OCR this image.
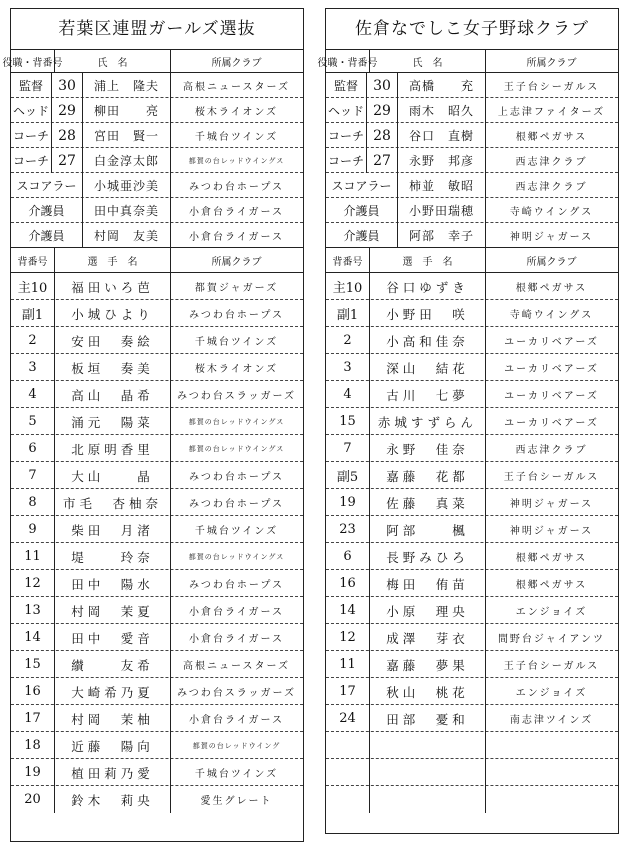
若葉区連盟ガールズ選抜
役職・背番号	氏　名	所属クラブ
監督	30	浦上　隆夫	高根ニュースターズ
ヘッド 29	柳田　　亮	桜木ライオンズ
コーチ 28	宮田　賢一	千城台ツインズ
コーチ 27	白金淳太郎	都賀の台レッドウイングス
スコアラー	小城亜沙美	みつわ台ホープス
介護員	田中真奈美	小倉台ライガース
介護員	村岡　友美	小倉台ライガース
背番号	選　手　名	所属クラブ
主10	福田いろ芭	都賀ジャガーズ
副1	小城ひより	みつわ台ホープス
2	安田　奏絵	千城台ツインズ
3	板垣　奏美	桜木ライオンズ
4	高山　晶希	みつわ台スラッガーズ
5	涌元　陽菜	都賀の台レッドウイングス
6	北原明香里	都賀の台レッドウイングス
7	大山　　晶	みつわ台ホープス
8	市毛　杏柚奈	みつわ台ホープス
9	柴田　月渚	千城台ツインズ
11	堤　　玲奈	都賀の台レッドウイングス
12	田中　陽水	みつわ台ホープス
13	村岡　茉夏	小倉台ライガース
14	田中　愛音	小倉台ライガース
15	纉　　友希	高根ニュースターズ
16	大崎希乃夏	みつわ台スラッガーズ
17	村岡　茉柚	小倉台ライガース
18	近藤　陽向	都賀の台レッドウイング
19	植田莉乃愛	千城台ツインズ
20	鈴木　莉央	愛生グレート
佐倉なでしこ女子野球クラブ
役職・背番号	氏　名	所属クラブ
監督	30	高橋　　充	王子台シーガルス
ヘッド 29	雨木　昭久	上志津ファイターズ
コーチ 28	谷口　直樹	根郷ペガサス
コーチ 27	永野　邦彦	西志津クラブ
スコアラー	柿並　敏昭	西志津クラブ
介護員	小野田瑞穂	寺崎ウイングス
介護員	阿部　幸子	神明ジャガース
背番号	選　手　名	所属クラブ
主10	谷口ゆずき	根郷ペガサス
副1	小野田　咲	寺崎ウイングス
2	小高和佳奈	ユーカリベアーズ
3	深山　結花	ユーカリベアーズ
4	古川　七夢	ユーカリベアーズ
15	赤城すずらん	ユーカリベアーズ
7	永野　佳奈	西志津クラブ
副5	嘉藤　花都	王子台シーガルス
19	佐藤　真菜	神明ジャガース
23	阿部　　楓	神明ジャガース
6	長野みひろ	根郷ペガサス
16	梅田　侑苗	根郷ペガサス
14	小原　理央	エンジョイズ
12	成澤　芽衣	間野台ジャイアンツ
11	嘉藤　夢果	王子台シーガルス
17	秋山　桃花	エンジョイズ
24	田部　憂和	南志津ツインズ
